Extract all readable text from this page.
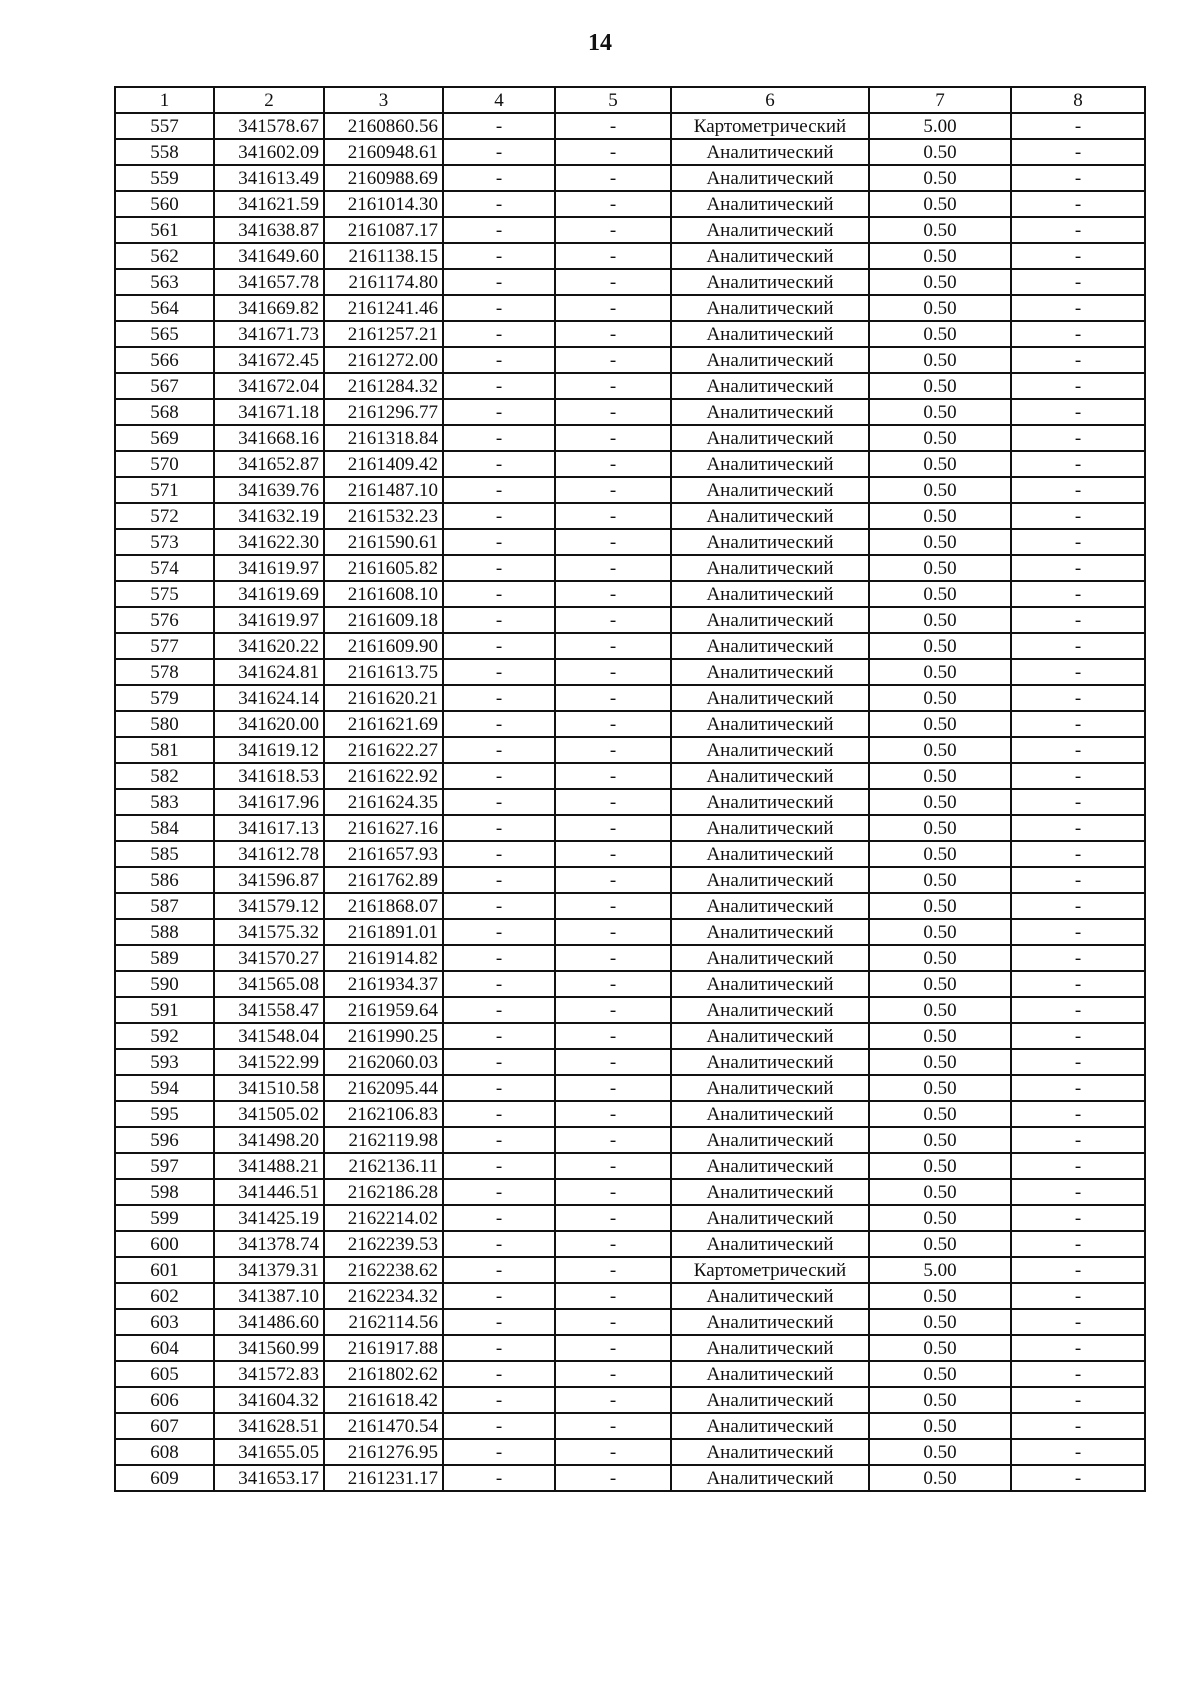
14
1	2	3	4	5	6	7	8
557	341578.67	2160860.56	-	-	Картометрический	5.00	-
558	341602.09	2160948.61	-	-	Аналитический	0.50	-
559	341613.49	2160988.69	-	-	Аналитический	0.50	-
560	341621.59	2161014.30	-	-	Аналитический	0.50	-
561	341638.87	2161087.17	-	-	Аналитический	0.50	-
562	341649.60	2161138.15	-	-	Аналитический	0.50	-
563	341657.78	2161174.80	-	-	Аналитический	0.50	-
564	341669.82	2161241.46	-	-	Аналитический	0.50	-
565	341671.73	2161257.21	-	-	Аналитический	0.50	-
566	341672.45	2161272.00	-	-	Аналитический	0.50	-
567	341672.04	2161284.32	-	-	Аналитический	0.50	-
568	341671.18	2161296.77	-	-	Аналитический	0.50	-
569	341668.16	2161318.84	-	-	Аналитический	0.50	-
570	341652.87	2161409.42	-	-	Аналитический	0.50	-
571	341639.76	2161487.10	-	-	Аналитический	0.50	-
572	341632.19	2161532.23	-	-	Аналитический	0.50	-
573	341622.30	2161590.61	-	-	Аналитический	0.50	-
574	341619.97	2161605.82	-	-	Аналитический	0.50	-
575	341619.69	2161608.10	-	-	Аналитический	0.50	-
576	341619.97	2161609.18	-	-	Аналитический	0.50	-
577	341620.22	2161609.90	-	-	Аналитический	0.50	-
578	341624.81	2161613.75	-	-	Аналитический	0.50	-
579	341624.14	2161620.21	-	-	Аналитический	0.50	-
580	341620.00	2161621.69	-	-	Аналитический	0.50	-
581	341619.12	2161622.27	-	-	Аналитический	0.50	-
582	341618.53	2161622.92	-	-	Аналитический	0.50	-
583	341617.96	2161624.35	-	-	Аналитический	0.50	-
584	341617.13	2161627.16	-	-	Аналитический	0.50	-
585	341612.78	2161657.93	-	-	Аналитический	0.50	-
586	341596.87	2161762.89	-	-	Аналитический	0.50	-
587	341579.12	2161868.07	-	-	Аналитический	0.50	-
588	341575.32	2161891.01	-	-	Аналитический	0.50	-
589	341570.27	2161914.82	-	-	Аналитический	0.50	-
590	341565.08	2161934.37	-	-	Аналитический	0.50	-
591	341558.47	2161959.64	-	-	Аналитический	0.50	-
592	341548.04	2161990.25	-	-	Аналитический	0.50	-
593	341522.99	2162060.03	-	-	Аналитический	0.50	-
594	341510.58	2162095.44	-	-	Аналитический	0.50	-
595	341505.02	2162106.83	-	-	Аналитический	0.50	-
596	341498.20	2162119.98	-	-	Аналитический	0.50	-
597	341488.21	2162136.11	-	-	Аналитический	0.50	-
598	341446.51	2162186.28	-	-	Аналитический	0.50	-
599	341425.19	2162214.02	-	-	Аналитический	0.50	-
600	341378.74	2162239.53	-	-	Аналитический	0.50	-
601	341379.31	2162238.62	-	-	Картометрический	5.00	-
602	341387.10	2162234.32	-	-	Аналитический	0.50	-
603	341486.60	2162114.56	-	-	Аналитический	0.50	-
604	341560.99	2161917.88	-	-	Аналитический	0.50	-
605	341572.83	2161802.62	-	-	Аналитический	0.50	-
606	341604.32	2161618.42	-	-	Аналитический	0.50	-
607	341628.51	2161470.54	-	-	Аналитический	0.50	-
608	341655.05	2161276.95	-	-	Аналитический	0.50	-
609	341653.17	2161231.17	-	-	Аналитический	0.50	-
